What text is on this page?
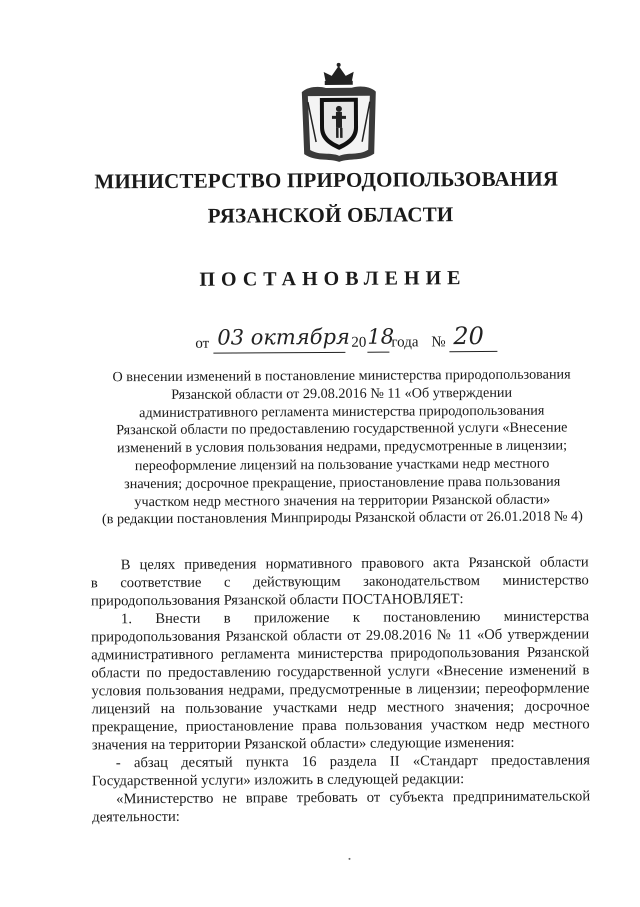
МИНИСТЕРСТВО ПРИРОДОПОЛЬЗОВАНИЯ
РЯЗАНСКОЙ ОБЛАСТИ
ПОСТАНОВЛЕНИЕ
от 03 октября 20 18
года № 20
О внесении изменений в постановление министерства природопользования
Рязанской области от 29.08.2016 № 11 «Об утверждении
административного регламента министерства природопользования
Рязанской области по предоставлению государственной услуги «Внесение
изменений в условия пользования недрами, предусмотренные в лицензии;
переоформление лицензий на пользование участками недр местного
значения; досрочное прекращение, приостановление права пользования
участком недр местного значения на территории Рязанской области»
(в редакции постановления Минприроды Рязанской области от 26.01.2018 № 4)
В целях приведения нормативного правового акта Рязанской области
в соответствие с действующим законодательством министерство
природопользования Рязанской области ПОСТАНОВЛЯЕТ:
1. Внести в приложение к постановлению министерства
природопользования Рязанской области от 29.08.2016 № 11 «Об утверждении
административного регламента министерства природопользования Рязанской
области по предоставлению государственной услуги «Внесение изменений в
условия пользования недрами, предусмотренные в лицензии; переоформление
лицензий на пользование участками недр местного значения; досрочное
прекращение, приостановление права пользования участком недр местного
значения на территории Рязанской области» следующие изменения:
- абзац десятый пункта 16 раздела II «Стандарт предоставления
Государственной услуги» изложить в следующей редакции:
«Министерство не вправе требовать от субъекта предпринимательской
деятельности:
